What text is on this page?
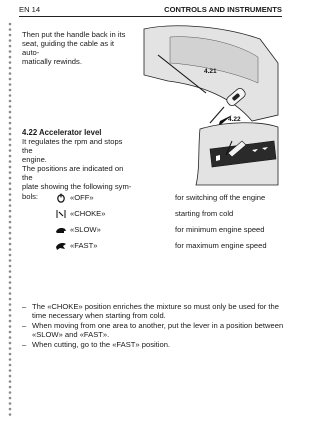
EN 14	CONTROLS AND INSTRUMENTS

Then put the handle back in its
seat, guiding the cable as it auto-
matically rewinds.

4.22 Accelerator level

It regulates the rpm and stops the
engine.
The positions are indicated on the
plate showing the following sym-
bols:

4.21
4.22
«OFF»	for switching off the engine
«CHOKE»	starting from cold
«SLOW»	for minimum engine speed
«FAST»	for maximum engine speed
– The «CHOKE» position enriches the mixture so must only be used for the time necessary when starting from cold.
– When moving from one area to another, put the lever in a position between «SLOW» and «FAST».
– When cutting, go to the «FAST» position.
